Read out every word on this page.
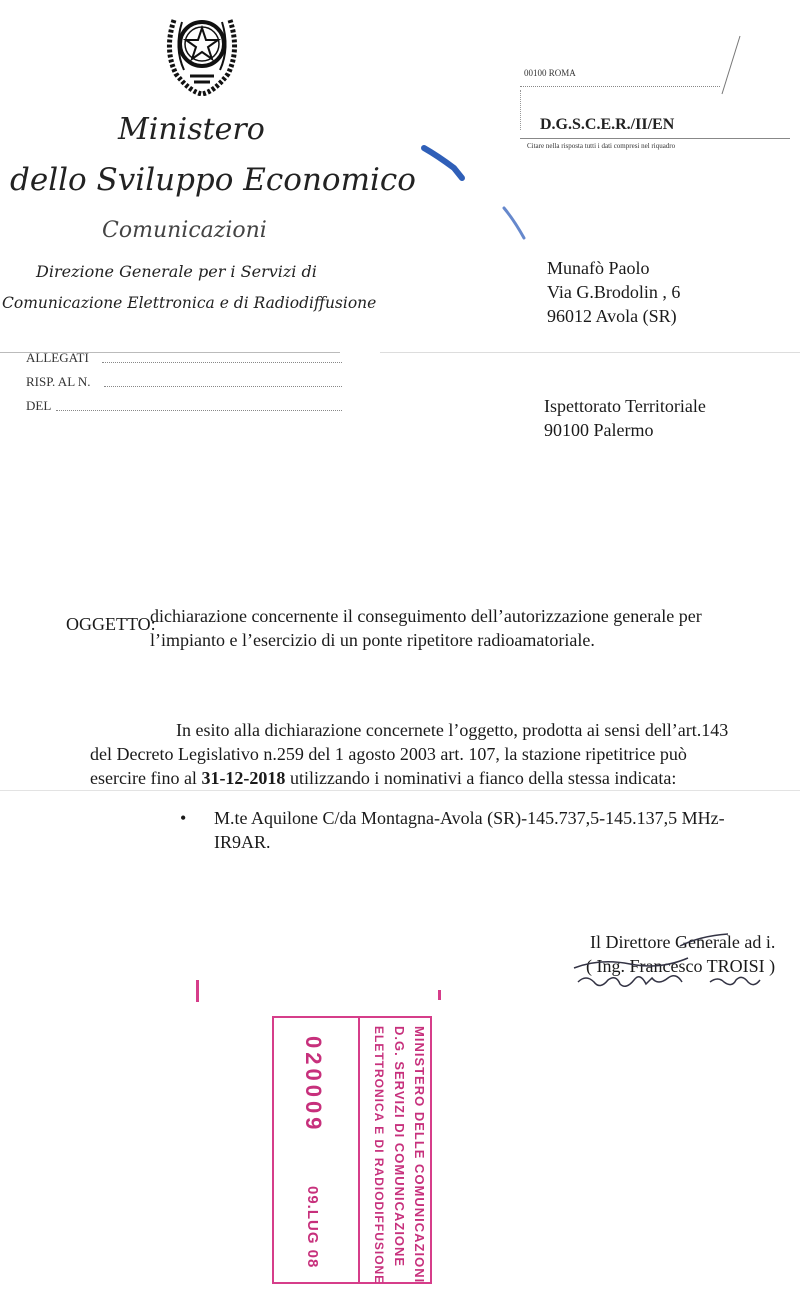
Ministero
dello Sviluppo Economico
Comunicazioni
Direzione Generale per i Servizi di
Comunicazione Elettronica e di Radiodiffusione
ALLEGATI
RISP. AL N.
DEL
00100 ROMA
D.G.S.C.E.R./II/EN
Citare nella risposta tutti i dati compresi nel riquadro
Munafò Paolo
Via G.Brodolin , 6
96012 Avola (SR)
Ispettorato Territoriale
90100 Palermo
OGGETTO:
dichiarazione concernente il conseguimento dell’autorizzazione generale per
l’impianto e l’esercizio di un ponte ripetitore radioamatoriale.
In esito alla dichiarazione concernete l’oggetto, prodotta ai sensi dell’art.143
del Decreto Legislativo n.259 del 1 agosto 2003 art. 107, la stazione ripetitrice può
esercire fino al 31-12-2018 utilizzando i nominativi a fianco della stessa indicata:
• M.te Aquilone C/da Montagna-Avola (SR)-145.737,5-145.137,5 MHz-
IR9AR.
Il Direttore Generale ad i.
( Ing. Francesco TROISI )
MINISTERO DELLE COMUNICAZIONI
D.G. SERVIZI DI COMUNICAZIONE
ELETTRONICA E DI RADIODIFFUSIONE
020009
09.LUG 08
